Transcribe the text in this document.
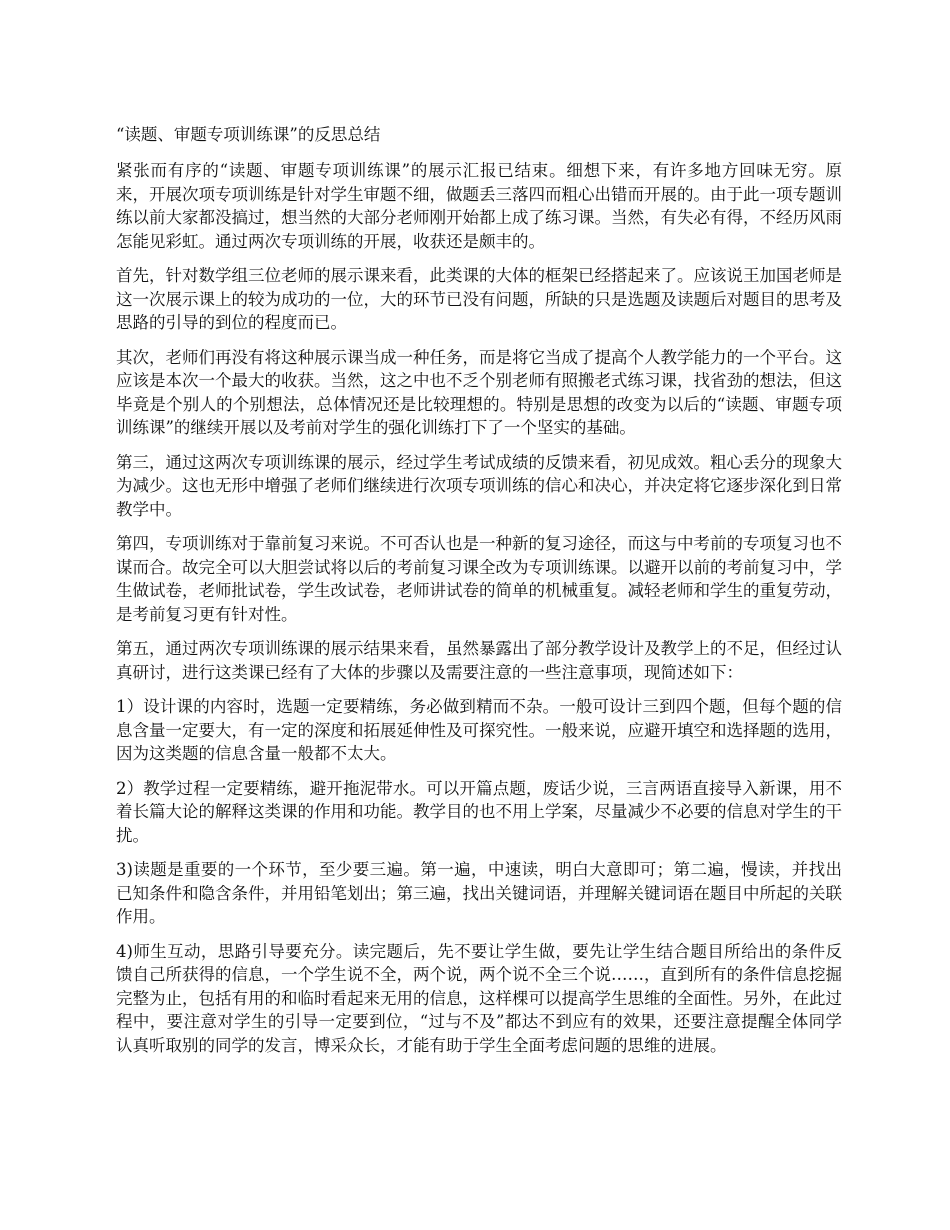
“读题、审题专项训练课”的反思总结

紧张而有序的“读题、审题专项训练课”的展示汇报已结束。细想下来，有许多地方回味无穷。原来，开展次项专项训练是针对学生审题不细，做题丢三落四而粗心出错而开展的。由于此一项专题训练以前大家都没搞过，想当然的大部分老师刚开始都上成了练习课。当然，有失必有得，不经历风雨怎能见彩虹。通过两次专项训练的开展，收获还是颇丰的。

首先，针对数学组三位老师的展示课来看，此类课的大体的框架已经搭起来了。应该说王加国老师是这一次展示课上的较为成功的一位，大的环节已没有问题，所缺的只是选题及读题后对题目的思考及思路的引导的到位的程度而已。

其次，老师们再没有将这种展示课当成一种任务，而是将它当成了提高个人教学能力的一个平台。这应该是本次一个最大的收获。当然，这之中也不乏个别老师有照搬老式练习课，找省劲的想法，但这毕竟是个别人的个别想法，总体情况还是比较理想的。特别是思想的改变为以后的“读题、审题专项训练课”的继续开展以及考前对学生的强化训练打下了一个坚实的基础。

第三，通过这两次专项训练课的展示，经过学生考试成绩的反馈来看，初见成效。粗心丢分的现象大为减少。这也无形中增强了老师们继续进行次项专项训练的信心和决心，并决定将它逐步深化到日常教学中。

第四，专项训练对于靠前复习来说。不可否认也是一种新的复习途径，而这与中考前的专项复习也不谋而合。故完全可以大胆尝试将以后的考前复习课全改为专项训练课。以避开以前的考前复习中，学生做试卷，老师批试卷，学生改试卷，老师讲试卷的简单的机械重复。减轻老师和学生的重复劳动，是考前复习更有针对性。

第五，通过两次专项训练课的展示结果来看，虽然暴露出了部分教学设计及教学上的不足，但经过认真研讨，进行这类课已经有了大体的步骤以及需要注意的一些注意事项，现简述如下：

1）设计课的内容时，选题一定要精练，务必做到精而不杂。一般可设计三到四个题，但每个题的信息含量一定要大，有一定的深度和拓展延伸性及可探究性。一般来说，应避开填空和选择题的选用，因为这类题的信息含量一般都不太大。

2）教学过程一定要精练，避开拖泥带水。可以开篇点题，废话少说，三言两语直接导入新课，用不着长篇大论的解释这类课的作用和功能。教学目的也不用上学案，尽量减少不必要的信息对学生的干扰。

3)读题是重要的一个环节，至少要三遍。第一遍，中速读，明白大意即可；第二遍，慢读，并找出已知条件和隐含条件，并用铅笔划出；第三遍，找出关键词语，并理解关键词语在题目中所起的关联作用。

4)师生互动，思路引导要充分。读完题后，先不要让学生做，要先让学生结合题目所给出的条件反馈自己所获得的信息，一个学生说不全，两个说，两个说不全三个说……，直到所有的条件信息挖掘完整为止，包括有用的和临时看起来无用的信息，这样棵可以提高学生思维的全面性。另外，在此过程中，要注意对学生的引导一定要到位，“过与不及”都达不到应有的效果，还要注意提醒全体同学认真听取别的同学的发言，博采众长，才能有助于学生全面考虑问题的思维的进展。
